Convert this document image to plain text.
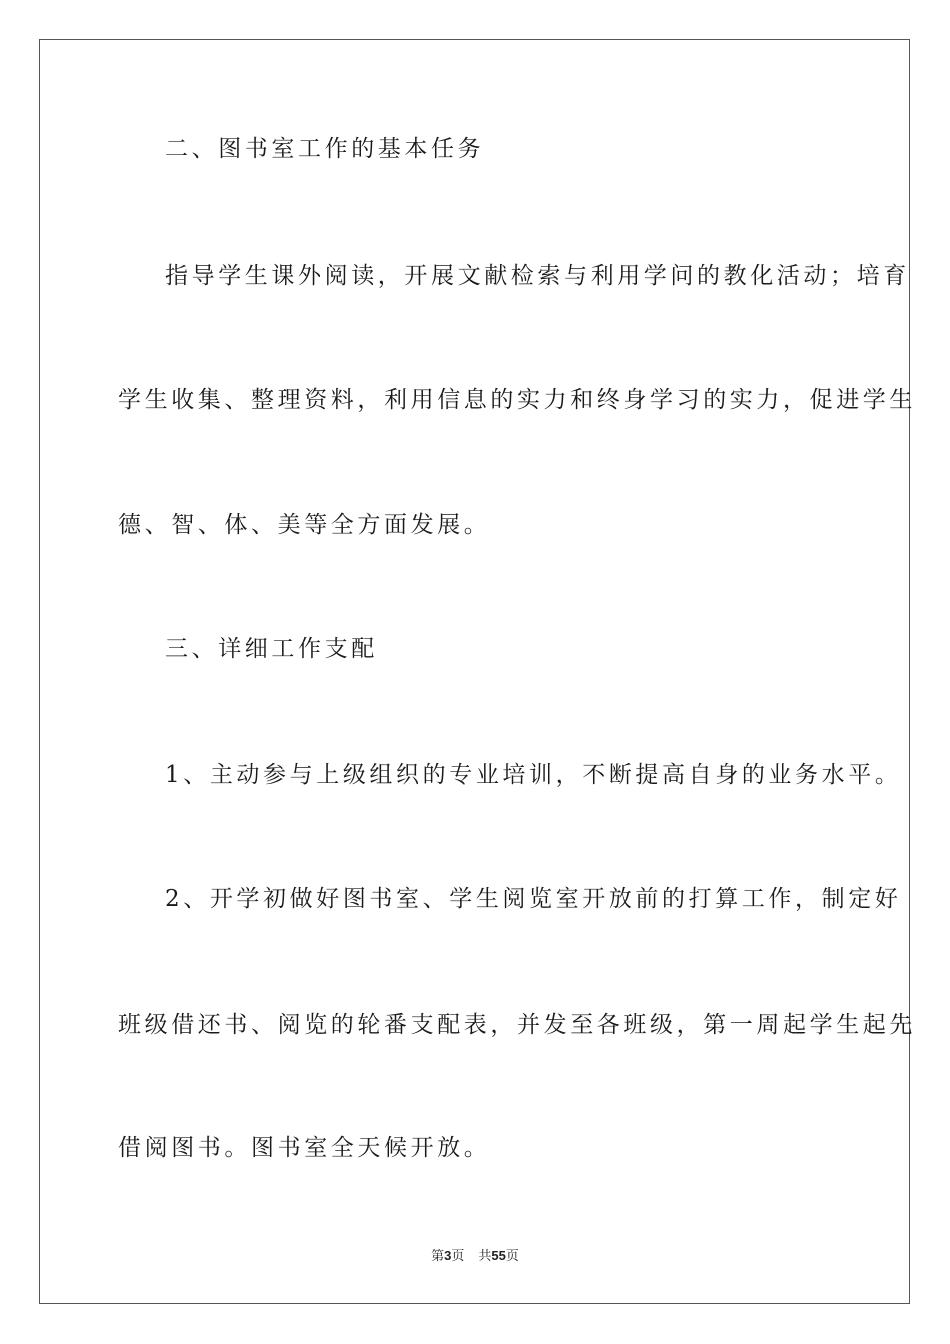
二、图书室工作的基本任务
指导学生课外阅读，开展文献检索与利用学问的教化活动；培育
学生收集、整理资料，利用信息的实力和终身学习的实力，促进学生
德、智、体、美等全方面发展。
三、详细工作支配
1、主动参与上级组织的专业培训，不断提高自身的业务水平。
2、开学初做好图书室、学生阅览室开放前的打算工作，制定好
班级借还书、阅览的轮番支配表，并发至各班级，第一周起学生起先
借阅图书。图书室全天候开放。
第3页 共55页
